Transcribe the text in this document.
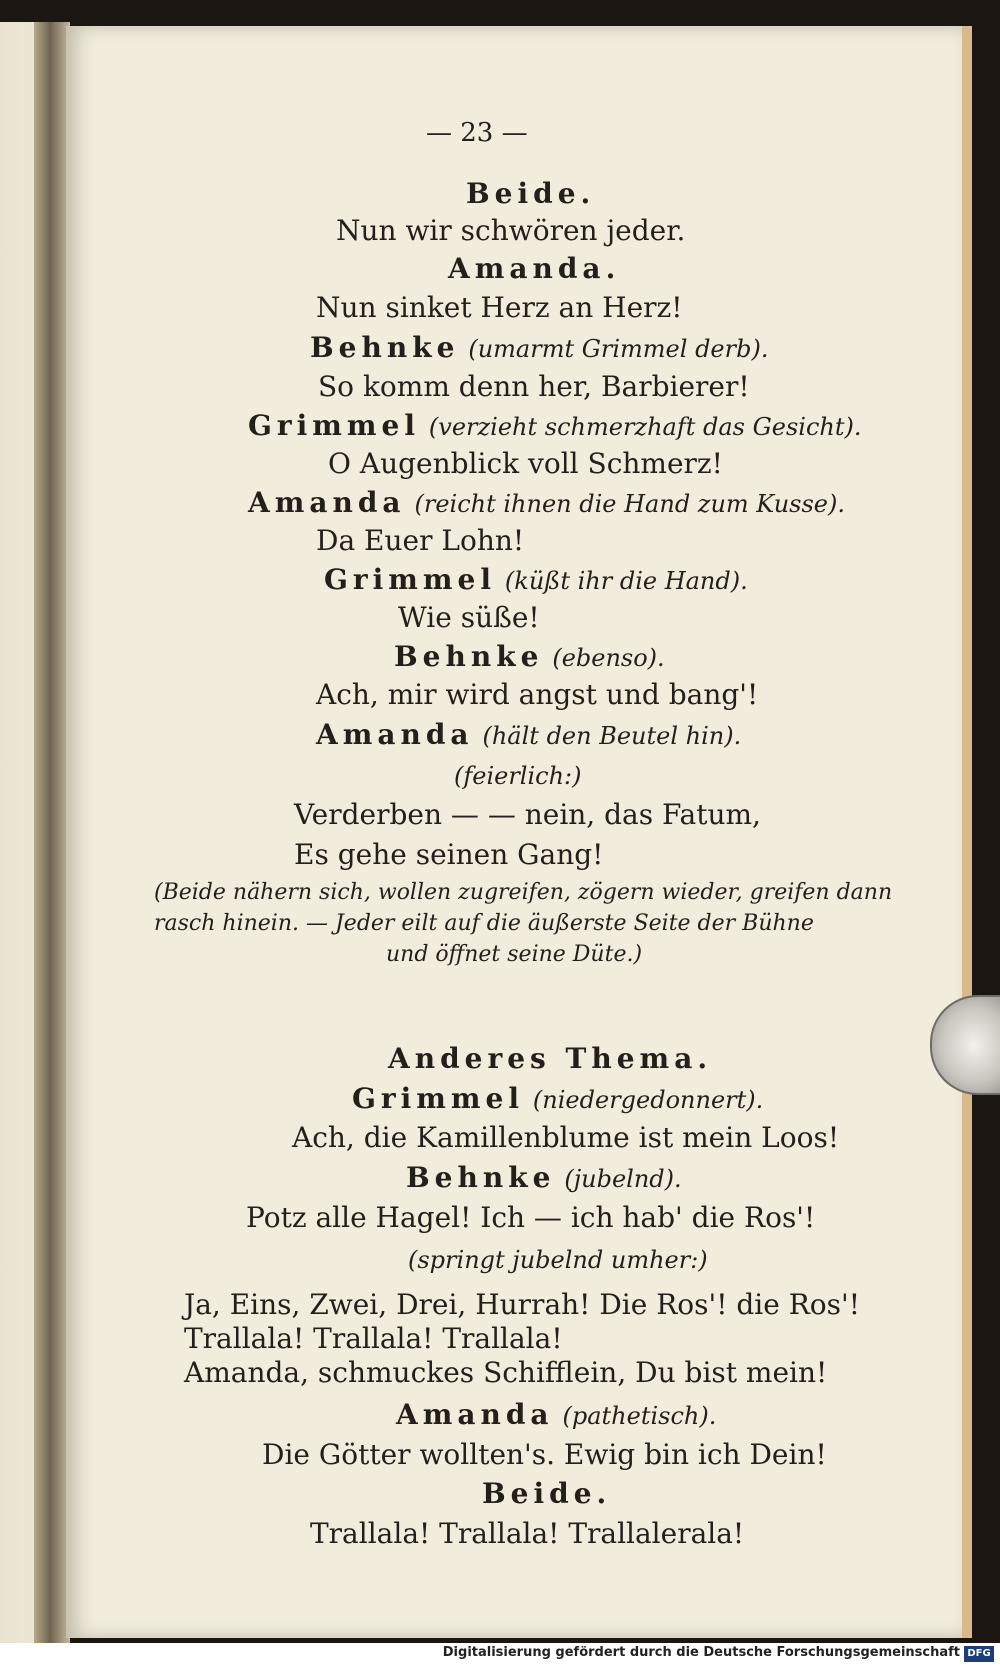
— 23 —
Beide.
Nun wir schwören jeder.
Amanda.
Nun sinket Herz an Herz!
Behnke (umarmt Grimmel derb).
So komm denn her, Barbierer!
Grimmel (verzieht schmerzhaft das Gesicht).
O Augenblick voll Schmerz!
Amanda (reicht ihnen die Hand zum Kusse).
Da Euer Lohn!
Grimmel (küßt ihr die Hand).
Wie süße!
Behnke (ebenso).
Ach, mir wird angst und bang'!
Amanda (hält den Beutel hin).
(feierlich:)
Verderben — — nein, das Fatum,
Es gehe seinen Gang!
(Beide nähern sich, wollen zugreifen, zögern wieder, greifen dann
rasch hinein. — Jeder eilt auf die äußerste Seite der Bühne
und öffnet seine Düte.)
Anderes Thema.
Grimmel (niedergedonnert).
Ach, die Kamillenblume ist mein Loos!
Behnke (jubelnd).
Potz alle Hagel! Ich — ich hab' die Ros'!
(springt jubelnd umher:)
Ja, Eins, Zwei, Drei, Hurrah! Die Ros'! die Ros'!
Trallala! Trallala! Trallala!
Amanda, schmuckes Schifflein, Du bist mein!
Amanda (pathetisch).
Die Götter wollten's. Ewig bin ich Dein!
Beide.
Trallala! Trallala! Trallalerala!
Digitalisierung gefördert durch die Deutsche Forschungsgemeinschaft DFG
